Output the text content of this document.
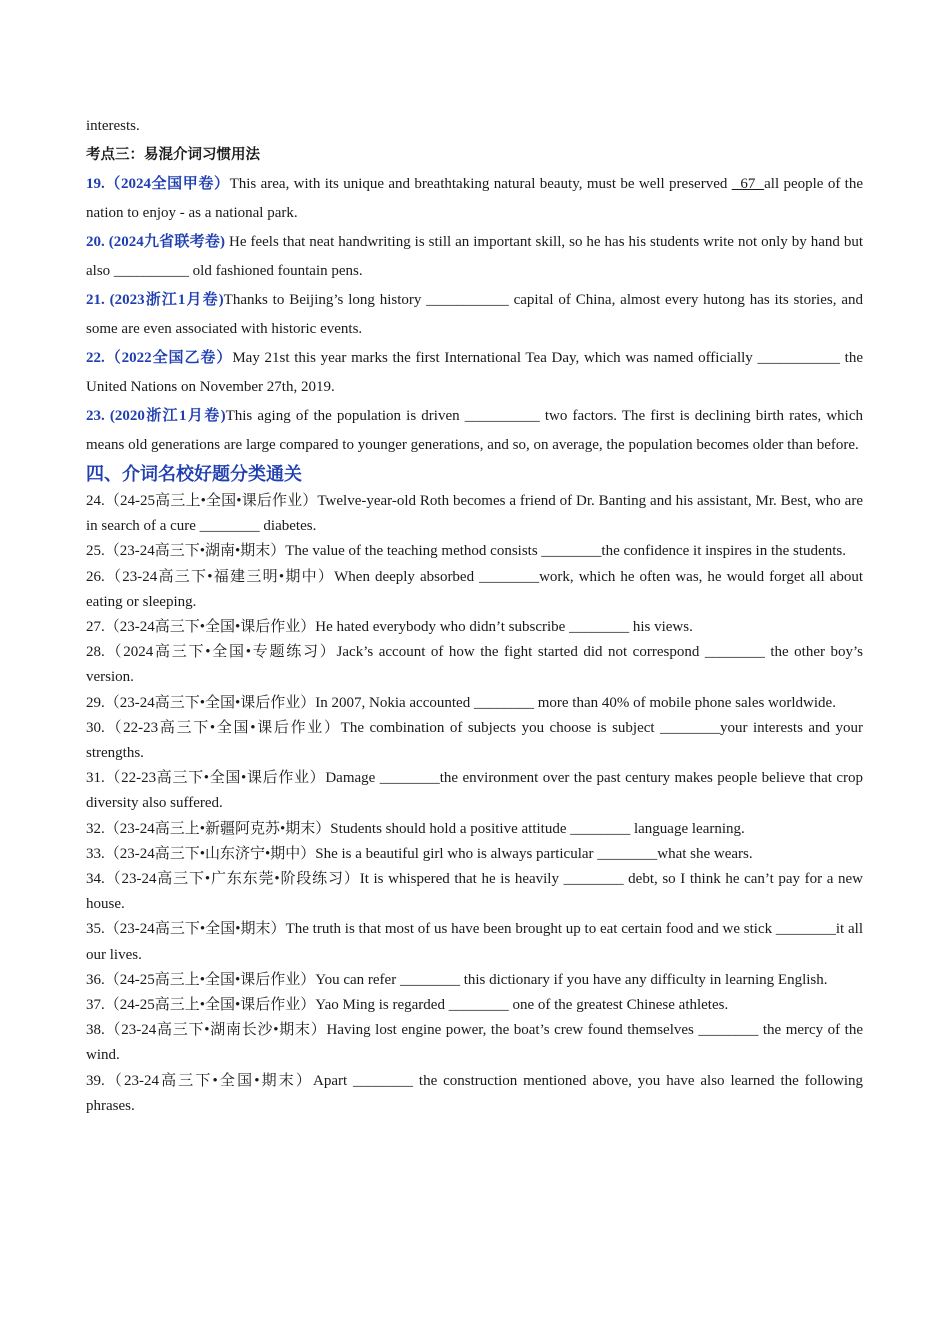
interests.
考点三：易混介词习惯用法

19.（2024全国甲卷）This area, with its unique and breathtaking natural beauty, must be well preserved   67  all people of the nation to enjoy - as a national park.

20. (2024九省联考卷) He feels that neat handwriting is still an important skill, so he has his students write not only by hand but also __________ old fashioned fountain pens.

21. (2023浙江1月卷)Thanks to Beijing’s long history ___________ capital of China, almost every hutong has its stories, and some are even associated with historic events.

22.（2022全国乙卷）May 21st this year marks the first International Tea Day, which was named officially ___________ the United Nations on November 27th, 2019.

23. (2020浙江1月卷)This aging of the population is driven __________ two factors. The first is declining birth rates, which means old generations are large compared to younger generations, and so, on average, the population becomes older than before.

四、介词名校好题分类通关

24.（24-25高三上•全国•课后作业）Twelve-year-old Roth becomes a friend of Dr. Banting and his assistant, Mr. Best, who are in search of a cure ________ diabetes.

25.（23-24高三下•湖南•期末）The value of the teaching method consists ________the confidence it inspires in the students.

26.（23-24高三下•福建三明•期中）When deeply absorbed ________work, which he often was, he would forget all about eating or sleeping.

27.（23-24高三下•全国•课后作业）He hated everybody who didn’t subscribe ________ his views.

28.（2024高三下•全国•专题练习）Jack’s account of how the fight started did not correspond ________ the other boy’s version.

29.（23-24高三下•全国•课后作业）In 2007, Nokia accounted ________ more than 40% of mobile phone sales worldwide.

30.（22-23高三下•全国•课后作业）The combination of subjects you choose is subject ________your interests and your strengths.

31.（22-23高三下•全国•课后作业）Damage ________the environment over the past century makes people believe that crop diversity also suffered.

32.（23-24高三上•新疆阿克苏•期末）Students should hold a positive attitude ________ language learning.

33.（23-24高三下•山东济宁•期中）She is a beautiful girl who is always particular ________what she wears.

34.（23-24高三下•广东东莞•阶段练习）It is whispered that he is heavily ________ debt, so I think he can’t pay for a new house.

35.（23-24高三下•全国•期末）The truth is that most of us have been brought up to eat certain food and we stick ________it all our lives.

36.（24-25高三上•全国•课后作业）You can refer ________ this dictionary if you have any difficulty in learning English.

37.（24-25高三上•全国•课后作业）Yao Ming is regarded ________ one of the greatest Chinese athletes.

38.（23-24高三下•湖南长沙•期末）Having lost engine power, the boat’s crew found themselves ________ the mercy of the wind.

39.（23-24高三下•全国•期末）Apart ________ the construction mentioned above, you have also learned the following phrases.
